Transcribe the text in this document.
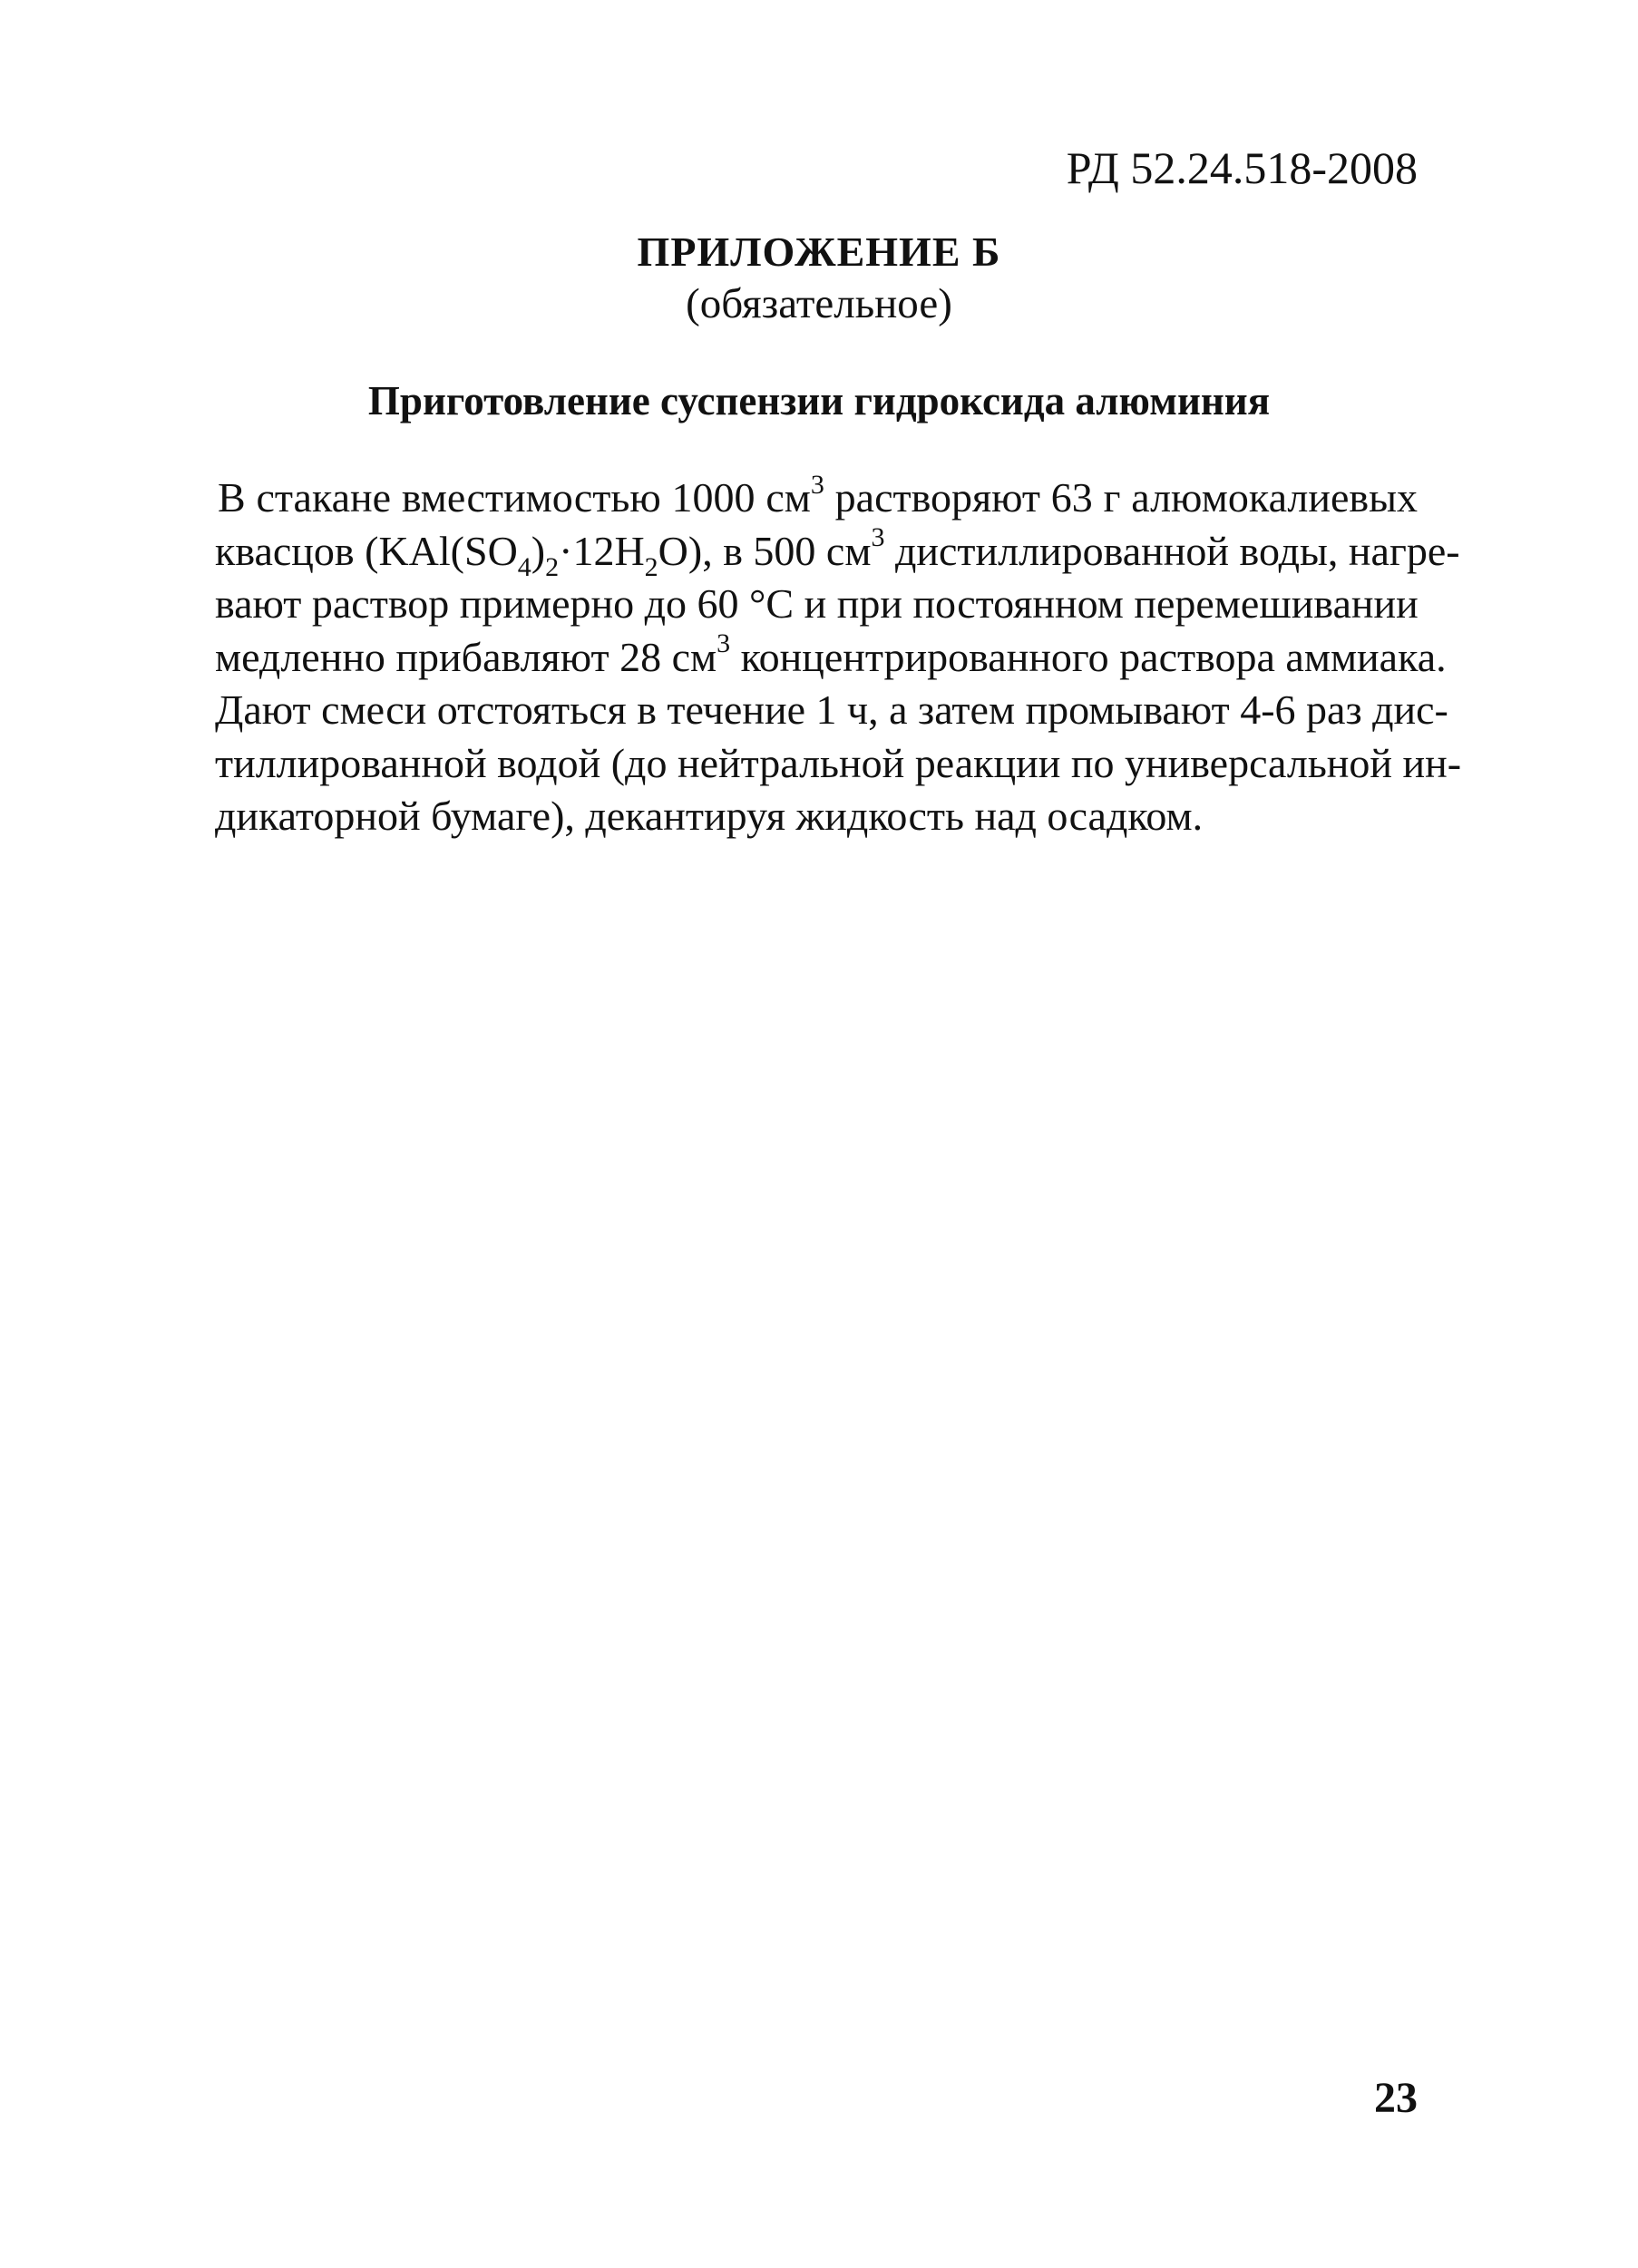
РД 52.24.518-2008
ПРИЛОЖЕНИЕ Б
(обязательное)
Приготовление суспензии гидроксида алюминия
В стакане вместимостью 1000 $см^3$ растворяют 63 г алюмокалиевых
квасцов $(KAl(SO_4)_2\cdot 12H_2O)$, в 500 $см^3$ дистиллированной воды, нагре-
вают раствор примерно до 60 °С и при постоянном перемешивании
медленно прибавляют 28 $см^3$ концентрированного раствора аммиака.
Дают смеси отстояться в течение 1 ч, а затем промывают 4-6 раз дис-
тиллированной водой (до нейтральной реакции по универсальной ин-
дикаторной бумаге), декантируя жидкость над осадком.
23
